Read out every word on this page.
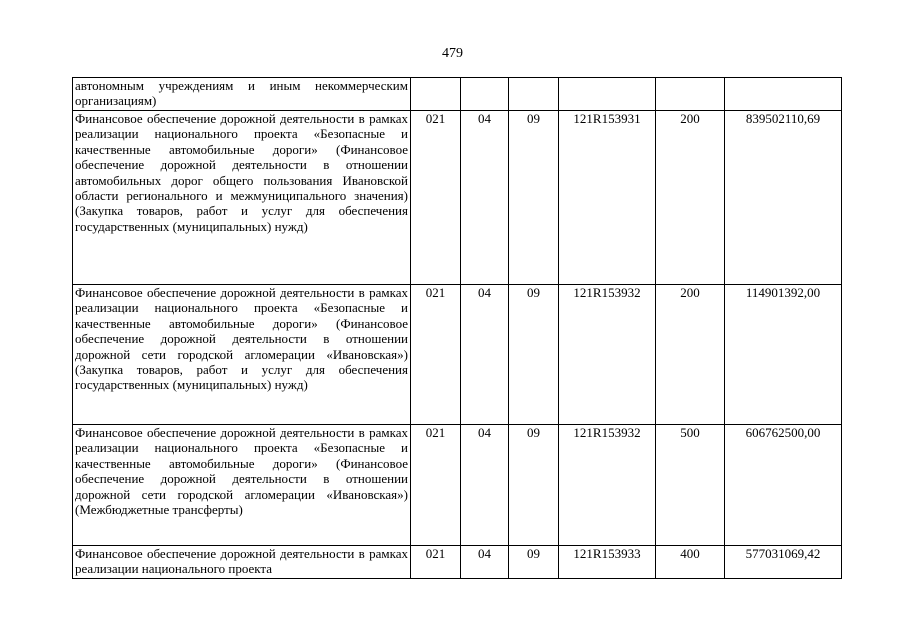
479
автономным учреждениям и иным некоммерческим организациям)						
Финансовое обеспечение дорожной деятельности в рамках реализации национального проекта «Безопасные и качественные автомобильные дороги» (Финансовое обеспечение дорожной деятельности в отношении автомобильных дорог общего пользования Ивановской области регионального и межмуниципального значения) (Закупка товаров, работ и услуг для обеспечения государственных (муниципальных) нужд)	021	04	09	121R153931	200	839502110,69
Финансовое обеспечение дорожной деятельности в рамках реализации национального проекта «Безопасные и качественные автомобильные дороги» (Финансовое обеспечение дорожной деятельности в отношении дорожной сети городской агломерации «Ивановская») (Закупка товаров, работ и услуг для обеспечения государственных (муниципальных) нужд)	021	04	09	121R153932	200	114901392,00
Финансовое обеспечение дорожной деятельности в рамках реализации национального проекта «Безопасные и качественные автомобильные дороги» (Финансовое обеспечение дорожной деятельности в отношении дорожной сети городской агломерации «Ивановская») (Межбюджетные трансферты)	021	04	09	121R153932	500	606762500,00
Финансовое обеспечение дорожной деятельности в рамках реализации национального проекта	021	04	09	121R153933	400	577031069,42
